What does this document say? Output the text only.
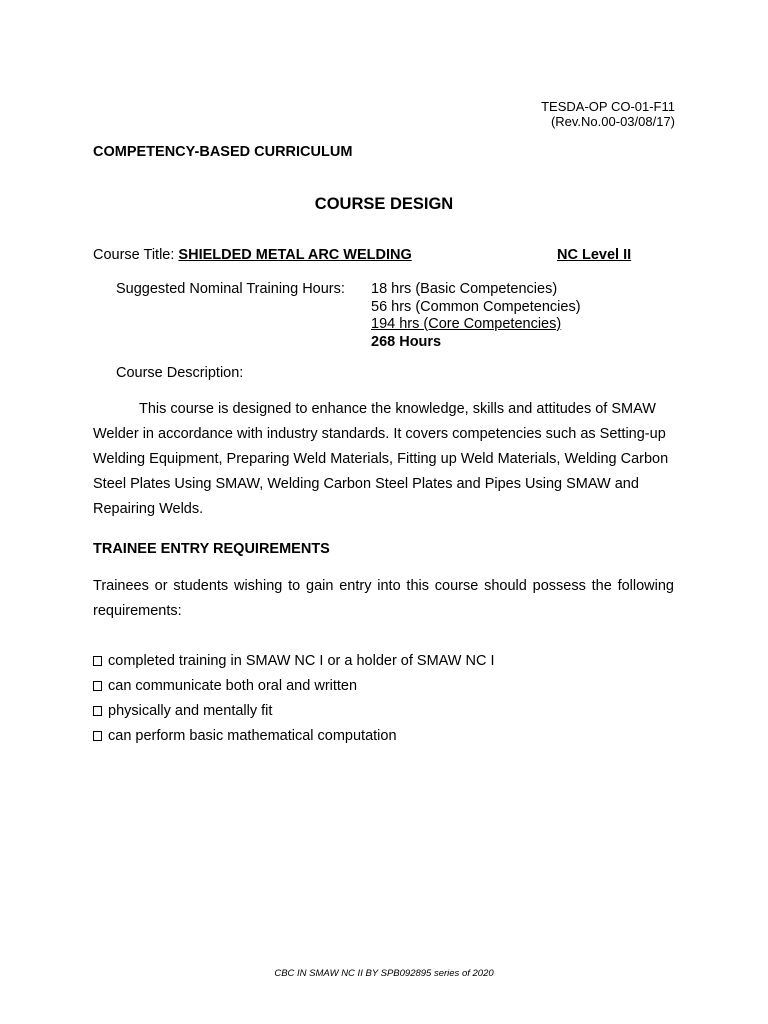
TESDA-OP CO-01-F11
(Rev.No.00-03/08/17)
COMPETENCY-BASED CURRICULUM
COURSE DESIGN
Course Title: SHIELDED METAL ARC WELDING	NC Level II
Suggested Nominal Training Hours: 18 hrs (Basic Competencies)
56 hrs (Common Competencies)
194 hrs (Core Competencies)
268 Hours
Course Description:
This course is designed to enhance the knowledge, skills and attitudes of SMAW Welder in accordance with industry standards. It covers competencies such as Setting-up Welding Equipment, Preparing Weld Materials, Fitting up Weld Materials, Welding Carbon Steel Plates Using SMAW, Welding Carbon Steel Plates and Pipes Using SMAW and Repairing Welds.
TRAINEE ENTRY REQUIREMENTS
Trainees or students wishing to gain entry into this course should possess the following requirements:
completed training in SMAW NC I or a holder of SMAW NC I
can communicate both oral and written
physically and mentally fit
can perform basic mathematical computation
CBC IN SMAW NC II BY SPB092895 series of 2020
